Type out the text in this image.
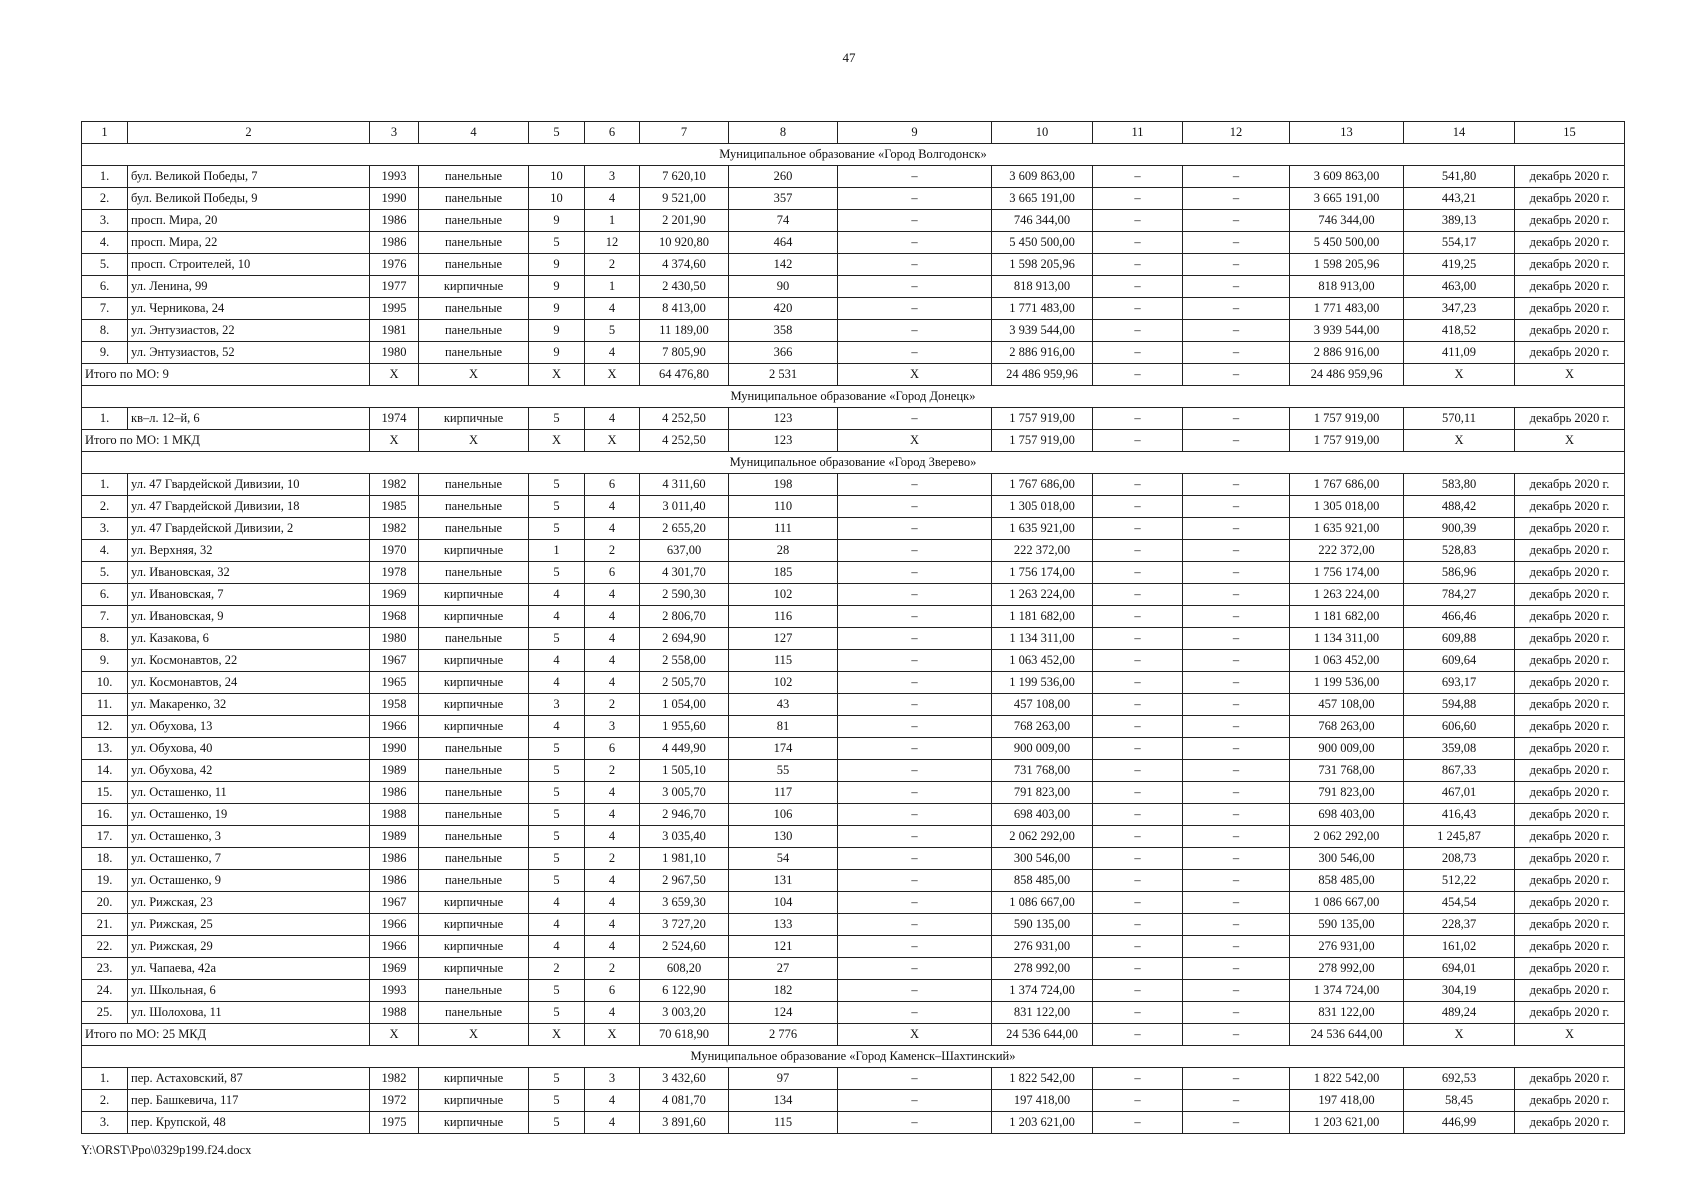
47
1	2	3	4	5	6	7	8	9	10	11	12	13	14	15
Муниципальное образование «Город Волгодонск»														
1.	бул. Великой Победы, 7	1993	панельные	10	3	7 620,10	260	–	3 609 863,00	–	–	3 609 863,00	541,80	декабрь 2020 г.
2.	бул. Великой Победы, 9	1990	панельные	10	4	9 521,00	357	–	3 665 191,00	–	–	3 665 191,00	443,21	декабрь 2020 г.
3.	просп. Мира, 20	1986	панельные	9	1	2 201,90	74	–	746 344,00	–	–	746 344,00	389,13	декабрь 2020 г.
4.	просп. Мира, 22	1986	панельные	5	12	10 920,80	464	–	5 450 500,00	–	–	5 450 500,00	554,17	декабрь 2020 г.
5.	просп. Строителей, 10	1976	панельные	9	2	4 374,60	142	–	1 598 205,96	–	–	1 598 205,96	419,25	декабрь 2020 г.
6.	ул. Ленина, 99	1977	кирпичные	9	1	2 430,50	90	–	818 913,00	–	–	818 913,00	463,00	декабрь 2020 г.
7.	ул. Черникова, 24	1995	панельные	9	4	8 413,00	420	–	1 771 483,00	–	–	1 771 483,00	347,23	декабрь 2020 г.
8.	ул. Энтузиастов, 22	1981	панельные	9	5	11 189,00	358	–	3 939 544,00	–	–	3 939 544,00	418,52	декабрь 2020 г.
9.	ул. Энтузиастов, 52	1980	панельные	9	4	7 805,90	366	–	2 886 916,00	–	–	2 886 916,00	411,09	декабрь 2020 г.
Итого по МО: 9		X	X	X	X	64 476,80	2 531	X	24 486 959,96	–	–	24 486 959,96	X	X
Муниципальное образование «Город Донецк»														
1.	кв–л. 12–й, 6	1974	кирпичные	5	4	4 252,50	123	–	1 757 919,00	–	–	1 757 919,00	570,11	декабрь 2020 г.
Итого по МО: 1 МКД		X	X	X	X	4 252,50	123	X	1 757 919,00	–	–	1 757 919,00	X	X
Муниципальное образование «Город Зверево»														
1.	ул. 47 Гвардейской Дивизии, 10	1982	панельные	5	6	4 311,60	198	–	1 767 686,00	–	–	1 767 686,00	583,80	декабрь 2020 г.
2.	ул. 47 Гвардейской Дивизии, 18	1985	панельные	5	4	3 011,40	110	–	1 305 018,00	–	–	1 305 018,00	488,42	декабрь 2020 г.
3.	ул. 47 Гвардейской Дивизии, 2	1982	панельные	5	4	2 655,20	111	–	1 635 921,00	–	–	1 635 921,00	900,39	декабрь 2020 г.
4.	ул. Верхняя, 32	1970	кирпичные	1	2	637,00	28	–	222 372,00	–	–	222 372,00	528,83	декабрь 2020 г.
5.	ул. Ивановская, 32	1978	панельные	5	6	4 301,70	185	–	1 756 174,00	–	–	1 756 174,00	586,96	декабрь 2020 г.
6.	ул. Ивановская, 7	1969	кирпичные	4	4	2 590,30	102	–	1 263 224,00	–	–	1 263 224,00	784,27	декабрь 2020 г.
7.	ул. Ивановская, 9	1968	кирпичные	4	4	2 806,70	116	–	1 181 682,00	–	–	1 181 682,00	466,46	декабрь 2020 г.
8.	ул. Казакова, 6	1980	панельные	5	4	2 694,90	127	–	1 134 311,00	–	–	1 134 311,00	609,88	декабрь 2020 г.
9.	ул. Космонавтов, 22	1967	кирпичные	4	4	2 558,00	115	–	1 063 452,00	–	–	1 063 452,00	609,64	декабрь 2020 г.
10.	ул. Космонавтов, 24	1965	кирпичные	4	4	2 505,70	102	–	1 199 536,00	–	–	1 199 536,00	693,17	декабрь 2020 г.
11.	ул. Макаренко, 32	1958	кирпичные	3	2	1 054,00	43	–	457 108,00	–	–	457 108,00	594,88	декабрь 2020 г.
12.	ул. Обухова, 13	1966	кирпичные	4	3	1 955,60	81	–	768 263,00	–	–	768 263,00	606,60	декабрь 2020 г.
13.	ул. Обухова, 40	1990	панельные	5	6	4 449,90	174	–	900 009,00	–	–	900 009,00	359,08	декабрь 2020 г.
14.	ул. Обухова, 42	1989	панельные	5	2	1 505,10	55	–	731 768,00	–	–	731 768,00	867,33	декабрь 2020 г.
15.	ул. Осташенко, 11	1986	панельные	5	4	3 005,70	117	–	791 823,00	–	–	791 823,00	467,01	декабрь 2020 г.
16.	ул. Осташенко, 19	1988	панельные	5	4	2 946,70	106	–	698 403,00	–	–	698 403,00	416,43	декабрь 2020 г.
17.	ул. Осташенко, 3	1989	панельные	5	4	3 035,40	130	–	2 062 292,00	–	–	2 062 292,00	1 245,87	декабрь 2020 г.
18.	ул. Осташенко, 7	1986	панельные	5	2	1 981,10	54	–	300 546,00	–	–	300 546,00	208,73	декабрь 2020 г.
19.	ул. Осташенко, 9	1986	панельные	5	4	2 967,50	131	–	858 485,00	–	–	858 485,00	512,22	декабрь 2020 г.
20.	ул. Рижская, 23	1967	кирпичные	4	4	3 659,30	104	–	1 086 667,00	–	–	1 086 667,00	454,54	декабрь 2020 г.
21.	ул. Рижская, 25	1966	кирпичные	4	4	3 727,20	133	–	590 135,00	–	–	590 135,00	228,37	декабрь 2020 г.
22.	ул. Рижская, 29	1966	кирпичные	4	4	2 524,60	121	–	276 931,00	–	–	276 931,00	161,02	декабрь 2020 г.
23.	ул. Чапаева, 42а	1969	кирпичные	2	2	608,20	27	–	278 992,00	–	–	278 992,00	694,01	декабрь 2020 г.
24.	ул. Школьная, 6	1993	панельные	5	6	6 122,90	182	–	1 374 724,00	–	–	1 374 724,00	304,19	декабрь 2020 г.
25.	ул. Шолохова, 11	1988	панельные	5	4	3 003,20	124	–	831 122,00	–	–	831 122,00	489,24	декабрь 2020 г.
Итого по МО: 25 МКД		X	X	X	X	70 618,90	2 776	X	24 536 644,00	–	–	24 536 644,00	X	X
Муниципальное образование «Город Каменск–Шахтинский»														
1.	пер. Астаховский, 87	1982	кирпичные	5	3	3 432,60	97	–	1 822 542,00	–	–	1 822 542,00	692,53	декабрь 2020 г.
2.	пер. Башкевича, 117	1972	кирпичные	5	4	4 081,70	134	–	197 418,00	–	–	197 418,00	58,45	декабрь 2020 г.
3.	пер. Крупской, 48	1975	кирпичные	5	4	3 891,60	115	–	1 203 621,00	–	–	1 203 621,00	446,99	декабрь 2020 г.
Y:\ORST\Ppo\0329p199.f24.docx
